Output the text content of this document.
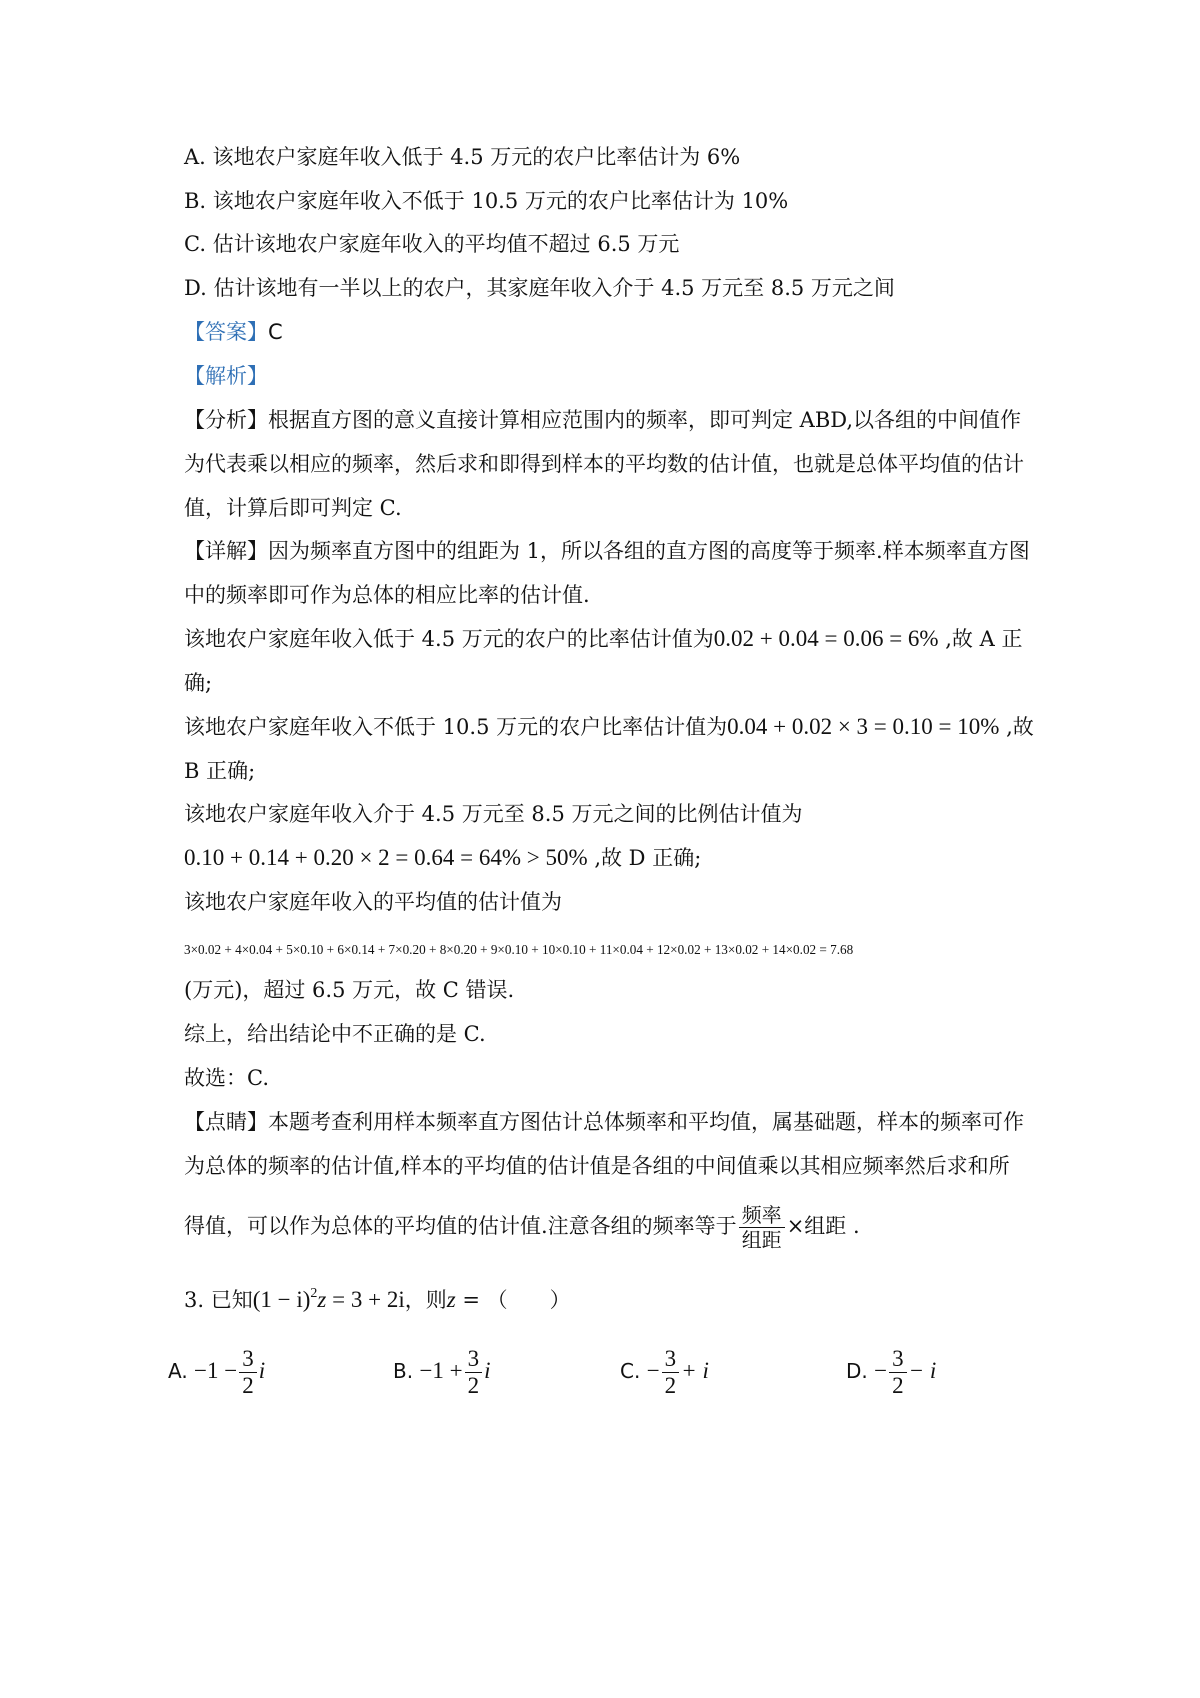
A. 该地农户家庭年收入低于 4.5 万元的农户比率估计为 6%
B. 该地农户家庭年收入不低于 10.5 万元的农户比率估计为 10%
C. 估计该地农户家庭年收入的平均值不超过 6.5 万元
D. 估计该地有一半以上的农户，其家庭年收入介于 4.5 万元至 8.5 万元之间
【答案】C
【解析】
【分析】根据直方图的意义直接计算相应范围内的频率，即可判定 ABD,以各组的中间值作
为代表乘以相应的频率，然后求和即得到样本的平均数的估计值，也就是总体平均值的估计
值，计算后即可判定 C.
【详解】因为频率直方图中的组距为 1，所以各组的直方图的高度等于频率.样本频率直方图
中的频率即可作为总体的相应比率的估计值.
该地农户家庭年收入低于 4.5 万元的农户的比率估计值为0.02 + 0.04 = 0.06 = 6% ,故 A 正
确;
该地农户家庭年收入不低于 10.5 万元的农户比率估计值为0.04 + 0.02 × 3 = 0.10 = 10% ,故
B 正确;
该地农户家庭年收入介于 4.5 万元至 8.5 万元之间的比例估计值为
0.10 + 0.14 + 0.20 × 2 = 0.64 = 64% > 50% ,故 D 正确;
该地农户家庭年收入的平均值的估计值为
3×0.02 + 4×0.04 + 5×0.10 + 6×0.14 + 7×0.20 + 8×0.20 + 9×0.10 + 10×0.10 + 11×0.04 + 12×0.02 + 13×0.02 + 14×0.02 = 7.68
(万元)，超过 6.5 万元，故 C 错误.
综上，给出结论中不正确的是 C.
故选：C.
【点睛】本题考查利用样本频率直方图估计总体频率和平均值，属基础题，样本的频率可作
为总体的频率的估计值,样本的平均值的估计值是各组的中间值乘以其相应频率然后求和所
得值，可以作为总体的平均值的估计值.注意各组的频率等于 $\frac{\text{频率}}{\text{组距}}$ ×组距 .
3. 已知$(1 - i)^2z = 3 + 2i$，则z = （　　）
A. $-1 - \frac{3}{2}$ i	B. $-1 + \frac{3}{2}$ i	C. − $\frac{3}{2} + i$	D. − $\frac{3}{2} - i$
